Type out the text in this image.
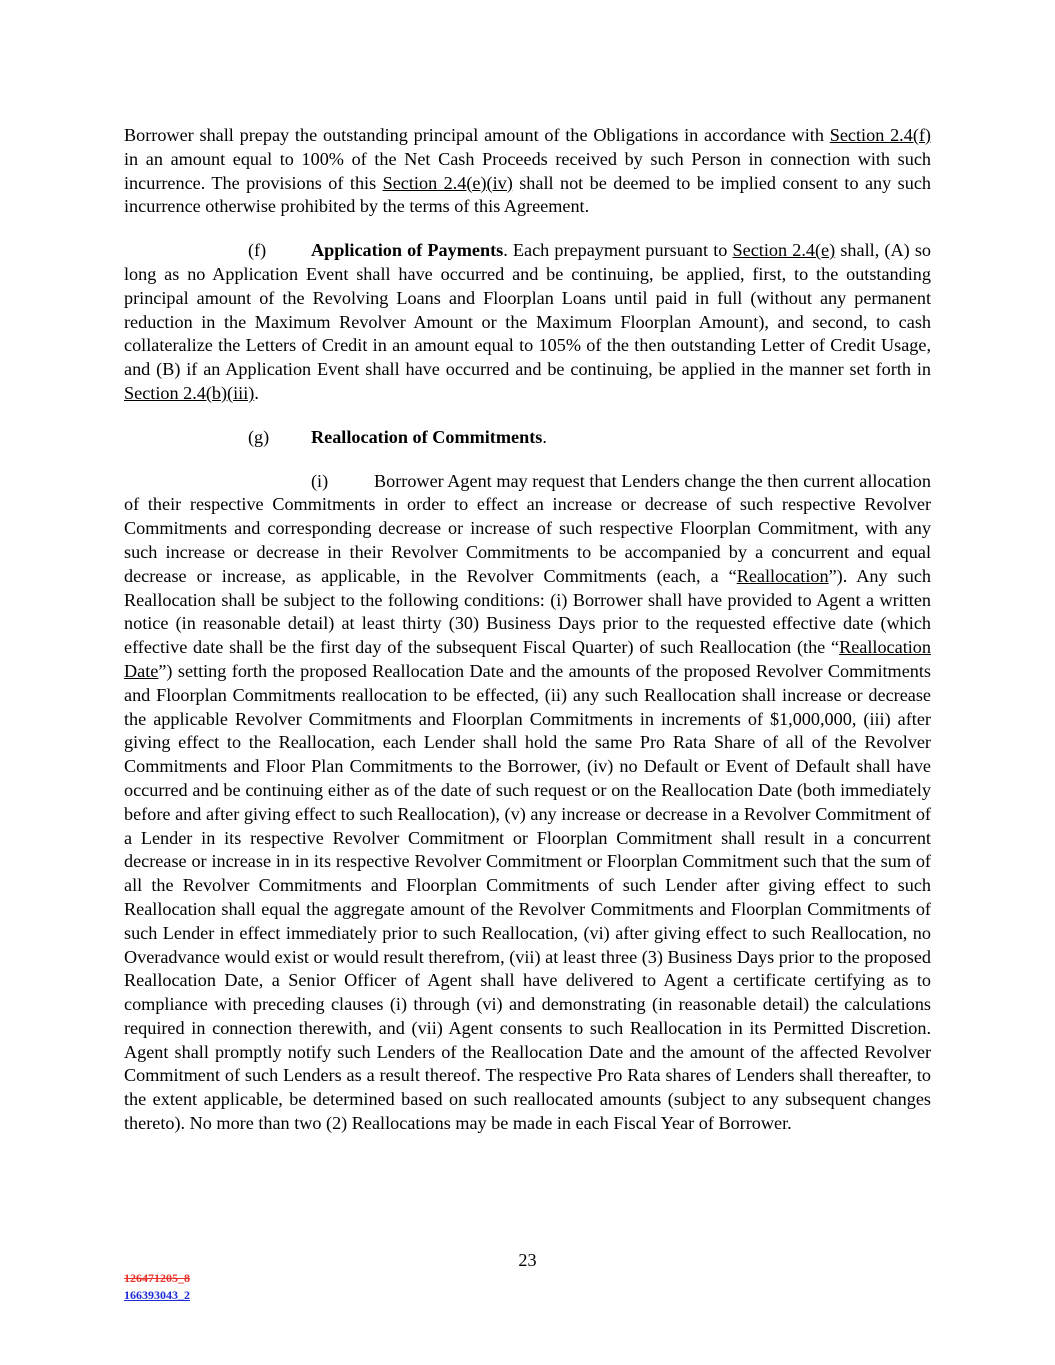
Borrower shall prepay the outstanding principal amount of the Obligations in accordance with Section 2.4(f) in an amount equal to 100% of the Net Cash Proceeds received by such Person in connection with such incurrence. The provisions of this Section 2.4(e)(iv) shall not be deemed to be implied consent to any such incurrence otherwise prohibited by the terms of this Agreement.

(f) Application of Payments. Each prepayment pursuant to Section 2.4(e) shall, (A) so long as no Application Event shall have occurred and be continuing, be applied, first, to the outstanding principal amount of the Revolving Loans and Floorplan Loans until paid in full (without any permanent reduction in the Maximum Revolver Amount or the Maximum Floorplan Amount), and second, to cash collateralize the Letters of Credit in an amount equal to 105% of the then outstanding Letter of Credit Usage, and (B) if an Application Event shall have occurred and be continuing, be applied in the manner set forth in Section 2.4(b)(iii).

(g) Reallocation of Commitments.

(i)	Borrower Agent may request that Lenders change the then current allocation of their respective Commitments in order to effect an increase or decrease of such respective Revolver Commitments and corresponding decrease or increase of such respective Floorplan Commitment, with any such increase or decrease in their Revolver Commitments to be accompanied by a concurrent and equal decrease or increase, as applicable, in the Revolver Commitments (each, a “Reallocation”). Any such Reallocation shall be subject to the following conditions: (i) Borrower shall have provided to Agent a written notice (in reasonable detail) at least thirty (30) Business Days prior to the requested effective date (which effective date shall be the first day of the subsequent Fiscal Quarter) of such Reallocation (the “Reallocation Date”) setting forth the proposed Reallocation Date and the amounts of the proposed Revolver Commitments and Floorplan Commitments reallocation to be effected, (ii) any such Reallocation shall increase or decrease the applicable Revolver Commitments and Floorplan Commitments in increments of $1,000,000, (iii) after giving effect to the Reallocation, each Lender shall hold the same Pro Rata Share of all of the Revolver Commitments and Floor Plan Commitments to the Borrower, (iv) no Default or Event of Default shall have occurred and be continuing either as of the date of such request or on the Reallocation Date (both immediately before and after giving effect to such Reallocation), (v) any increase or decrease in a Revolver Commitment of a Lender in its respective Revolver Commitment or Floorplan Commitment shall result in a concurrent decrease or increase in in its respective Revolver Commitment or Floorplan Commitment such that the sum of all the Revolver Commitments and Floorplan Commitments of such Lender after giving effect to such Reallocation shall equal the aggregate amount of the Revolver Commitments and Floorplan Commitments of such Lender in effect immediately prior to such Reallocation, (vi) after giving effect to such Reallocation, no Overadvance would exist or would result therefrom, (vii) at least three (3) Business Days prior to the proposed Reallocation Date, a Senior Officer of Agent shall have delivered to Agent a certificate certifying as to compliance with preceding clauses (i) through (vi) and demonstrating (in reasonable detail) the calculations required in connection therewith, and (vii) Agent consents to such Reallocation in its Permitted Discretion. Agent shall promptly notify such Lenders of the Reallocation Date and the amount of the affected Revolver Commitment of such Lenders as a result thereof. The respective Pro Rata shares of Lenders shall thereafter, to the extent applicable, be determined based on such reallocated amounts (subject to any subsequent changes thereto). No more than two (2) Reallocations may be made in each Fiscal Year of Borrower.

23
126471205_8
166393043_2
